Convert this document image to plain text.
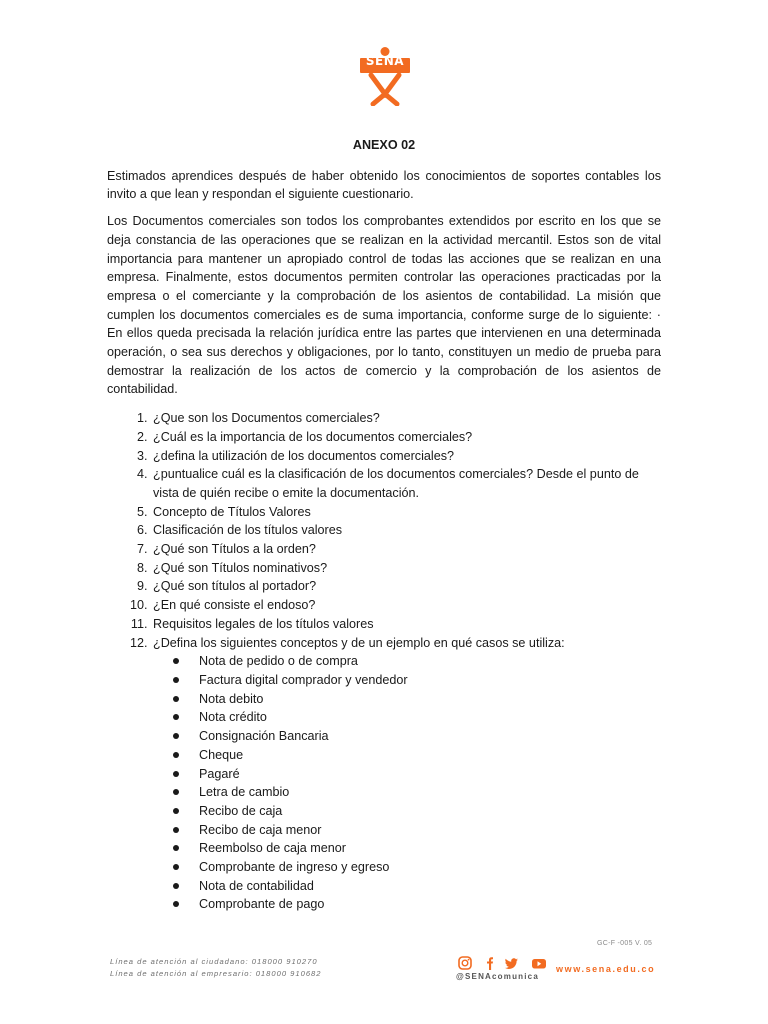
SENA
ANEXO 02

Estimados aprendices después de haber obtenido los conocimientos de soportes contables los invito a que lean y respondan el siguiente cuestionario.

Los Documentos comerciales son todos los comprobantes extendidos por escrito en los que se deja constancia de las operaciones que se realizan en la actividad mercantil. Estos son de vital importancia para mantener un apropiado control de todas las acciones que se realizan en una empresa. Finalmente, estos documentos permiten controlar las operaciones practicadas por la empresa o el comerciante y la comprobación de los asientos de contabilidad. La misión que cumplen los documentos comerciales es de suma importancia, conforme surge de lo siguiente: · En ellos queda precisada la relación jurídica entre las partes que intervienen en una determinada operación, o sea sus derechos y obligaciones, por lo tanto, constituyen un medio de prueba para demostrar la realización de los actos de comercio y la comprobación de los asientos de contabilidad.

1. ¿Que son los Documentos comerciales?
2. ¿Cuál es la importancia de los documentos comerciales?
3. ¿defina la utilización de los documentos comerciales?
4. ¿puntualice cuál es la clasificación de los documentos comerciales? Desde el punto de vista de quién recibe o emite la documentación.
5. Concepto de Títulos Valores
6. Clasificación de los títulos valores
7. ¿Qué son Títulos a la orden?
8. ¿Qué son Títulos nominativos?
9. ¿Qué son títulos al portador?
10. ¿En qué consiste el endoso?
11. Requisitos legales de los títulos valores
12. ¿Defina los siguientes conceptos y de un ejemplo en qué casos se utiliza:
Nota de pedido o de compra
Factura digital comprador y vendedor
Nota debito
Nota crédito
Consignación Bancaria
Cheque
Pagaré
Letra de cambio
Recibo de caja
Recibo de caja menor
Reembolso de caja menor
Comprobante de ingreso y egreso
Nota de contabilidad
Comprobante de pago
GC-F -005 V. 05
Línea de atención al ciudadano: 018000 910270
Línea de atención al empresario: 018000 910682	@SENAcomunica
www.sena.edu.co
